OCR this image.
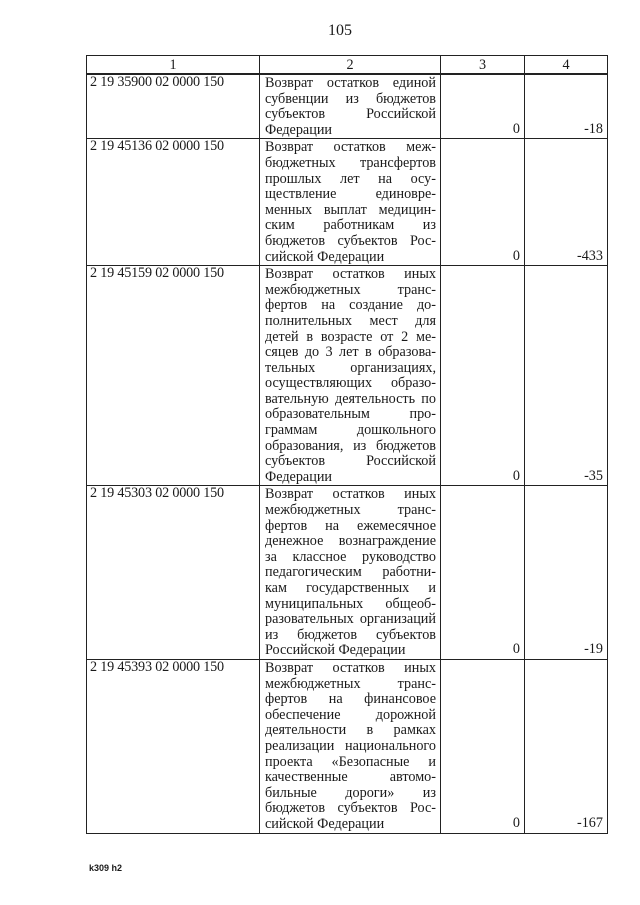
105
1	2	3	4
2 19 35900 02 0000 150	Возврат остатков единой субвенции из бюджетов субъектов Российской Федерации	0	-18
2 19 45136 02 0000 150	Возврат остатков межбюджетных трансфертов прошлых лет на осуществление единовременных выплат медицинским работникам из бюджетов субъектов Российской Федерации	0	-433
2 19 45159 02 0000 150	Возврат остатков иных межбюджетных трансфертов на создание дополнительных мест для детей в возрасте от 2 месяцев до 3 лет в образовательных организациях, осуществляющих образовательную деятельность по образовательным программам дошкольного образования, из бюджетов субъектов Российской Федерации	0	-35
2 19 45303 02 0000 150	Возврат остатков иных межбюджетных трансфертов на ежемесячное денежное вознаграждение за классное руководство педагогическим работникам государственных и муниципальных общеобразовательных организаций из бюджетов субъектов Российской Федерации	0	-19
2 19 45393 02 0000 150	Возврат остатков иных межбюджетных трансфертов на финансовое обеспечение дорожной деятельности в рамках реализации национального проекта «Безопасные и качественные автомобильные дороги» из бюджетов субъектов Российской Федерации	0	-167
k309 h2
